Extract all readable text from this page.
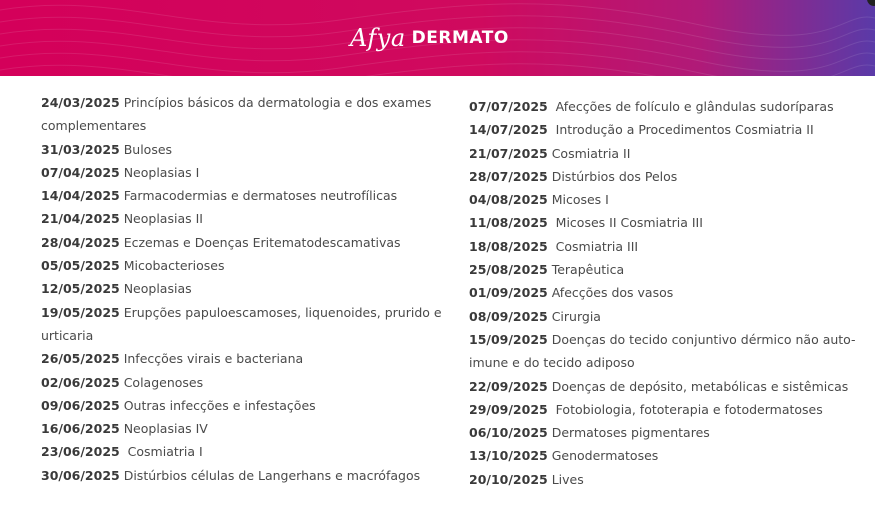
Afya DERMATO

24/03/2025 Princípios básicos da dermatologia e dos exames complementares

31/03/2025 Buloses

07/04/2025 Neoplasias I

14/04/2025 Farmacodermias e dermatoses neutrofílicas

21/04/2025 Neoplasias II

28/04/2025 Eczemas e Doenças Eritematodescamativas

05/05/2025 Micobacterioses

12/05/2025 Neoplasias

19/05/2025 Erupções papuloescamoses, liquenoides, prurido e urticaria

26/05/2025 Infecções virais e bacteriana

02/06/2025 Colagenoses

09/06/2025 Outras infecções e infestações

16/06/2025 Neoplasias IV

23/06/2025 Cosmiatria I

30/06/2025 Distúrbios células de Langerhans e macrófagos

07/07/2025 Afecções de folículo e glândulas sudoríparas

14/07/2025 Introdução a Procedimentos Cosmiatria II

21/07/2025 Cosmiatria II

28/07/2025 Distúrbios dos Pelos

04/08/2025 Micoses I

11/08/2025 Micoses II Cosmiatria III

18/08/2025 Cosmiatria III

25/08/2025 Terapêutica

01/09/2025 Afecções dos vasos

08/09/2025 Cirurgia

15/09/2025 Doenças do tecido conjuntivo dérmico não auto-imune e do tecido adiposo

22/09/2025 Doenças de depósito, metabólicas e sistêmicas

29/09/2025 Fotobiologia, fototerapia e fotodermatoses

06/10/2025 Dermatoses pigmentares

13/10/2025 Genodermatoses

20/10/2025 Lives
